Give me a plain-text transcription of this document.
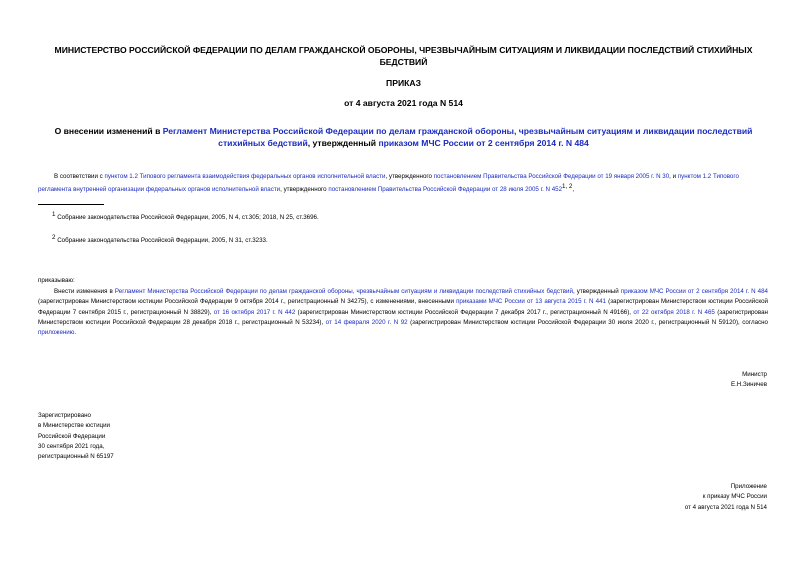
МИНИСТЕРСТВО РОССИЙСКОЙ ФЕДЕРАЦИИ ПО ДЕЛАМ ГРАЖДАНСКОЙ ОБОРОНЫ, ЧРЕЗВЫЧАЙНЫМ СИТУАЦИЯМ И ЛИКВИДАЦИИ ПОСЛЕДСТВИЙ СТИХИЙНЫХ БЕДСТВИЙ
ПРИКАЗ
от 4 августа 2021 года N 514
О внесении изменений в Регламент Министерства Российской Федерации по делам гражданской обороны, чрезвычайным ситуациям и ликвидации последствий стихийных бедствий, утвержденный приказом МЧС России от 2 сентября 2014 г. N 484
В соответствии с пунктом 1.2 Типового регламента взаимодействия федеральных органов исполнительной власти, утвержденного постановлением Правительства Российской Федерации от 19 января 2005 г. N 30, и пунктом 1.2 Типового регламента внутренней организации федеральных органов исполнительной власти, утвержденного постановлением Правительства Российской Федерации от 28 июля 2005 г. N 452$^{1, 2}$,
$^1$ Собрание законодательства Российской Федерации, 2005, N 4, ст.305; 2018, N 25, ст.3696.
$^2$ Собрание законодательства Российской Федерации, 2005, N 31, ст.3233.
приказываю:
Внести изменения в Регламент Министерства Российской Федерации по делам гражданской обороны, чрезвычайным ситуациям и ликвидации последствий стихийных бедствий, утвержденный приказом МЧС России от 2 сентября 2014 г. N 484 (зарегистрирован Министерством юстиции Российской Федерации 9 октября 2014 г., регистрационный N 34275), с изменениями, внесенными приказами МЧС России от 13 августа 2015 г. N 441 (зарегистрирован Министерством юстиции Российской Федерации 7 сентября 2015 г., регистрационный N 38829), от 16 октября 2017 г. N 442 (зарегистрирован Министерством юстиции Российской Федерации 7 декабря 2017 г., регистрационный N 49166), от 22 октября 2018 г. N 465 (зарегистрирован Министерством юстиции Российской Федерации 28 декабря 2018 г., регистрационный N 53234), от 14 февраля 2020 г. N 92 (зарегистрирован Министерством юстиции Российской Федерации 30 июля 2020 г., регистрационный N 59120), согласно приложению.
Министр
Е.Н.Зиничев
Зарегистрировано
в Министерстве юстиции
Российской Федерации
30 сентября 2021 года,
регистрационный N 65197
Приложение
к приказу МЧС России
от 4 августа 2021 года N 514
